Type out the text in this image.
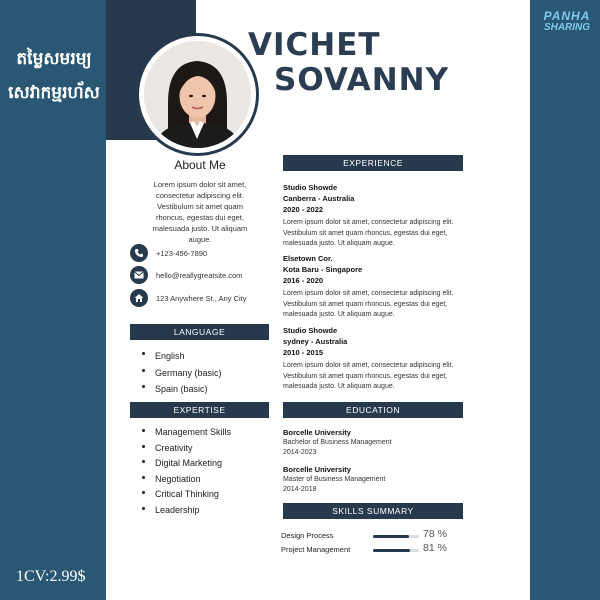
តម្លៃសមរម្យ
សេវាកម្មរហ័ស
1CV:2.99$
PANHA
SHARING
VICHET
SOVANNY
About Me
Lorem ipsum dolor sit amet,
consectetur adipiscing elit.
Vestibulum sit amet quam
rhoncus, egestas dui eget,
malesuada justo. Ut aliquam
augue.
+123-456-7890
hello@reallygreatsite.com
123 Anywhere St., Any City
LANGUAGE
English
Germany (basic)
Spain (basic)
EXPERTISE
Management Skills
Creativity
Digital Marketing
Negotiation
Critical Thinking
Leadership
EXPERIENCE
Studio Showde
Canberra - Australia
2020 - 2022
Lorem ipsum dolor sit amet, consectetur adipiscing elit.
Vestibulum sit amet quam rhoncus, egestas dui eget,
malesuada justo. Ut aliquam augue.
Elsetown Cor.
Kota Baru - Singapore
2016 - 2020
Lorem ipsum dolor sit amet, consectetur adipiscing elit.
Vestibulum sit amet quam rhoncus, egestas dui eget,
malesuada justo. Ut aliquam augue.
Studio Showde
sydney - Australia
2010 - 2015
Lorem ipsum dolor sit amet, consectetur adipiscing elit.
Vestibulum sit amet quam rhoncus, egestas dui eget,
malesuada justo. Ut aliquam augue.
EDUCATION
Borcelle University
Bachelor of Business Management
2014-2023
Borcelle University
Master of Business Management
2014-2018
SKILLS SUMMARY
Design Process	78 %
Project Management	81 %
